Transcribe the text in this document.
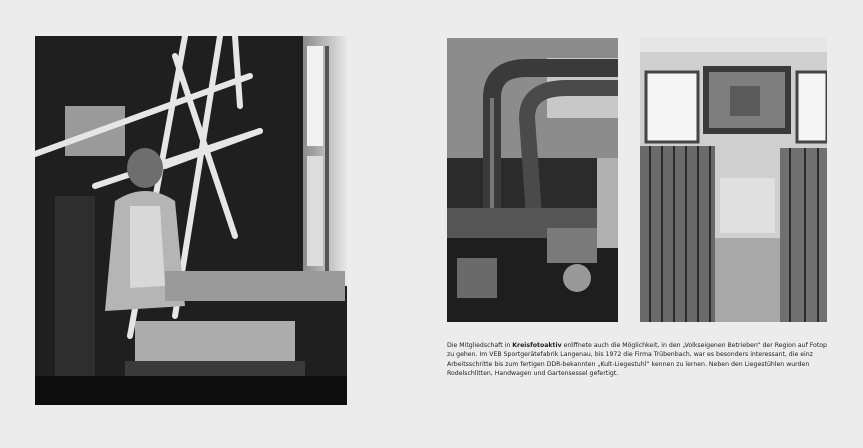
Die Mitgliedschaft in Kreisfotoaktiv eröffnete auch die Möglichkeit, in den „Volkseigenen Betrieben“ der Region auf Fotop

zu gehen. Im VEB Sportgerätefabrik Langenau, bis 1972 die Firma Trübenbach, war es besonders interessant, die einz

Arbeitsschritte bis zum fertigen DDR-bekannten „Kult-Liegestuhl“ kennen zu lernen. Neben den Liegestühlen wurden

Rodelschlitten, Handwagen und Gartensessel gefertigt.
